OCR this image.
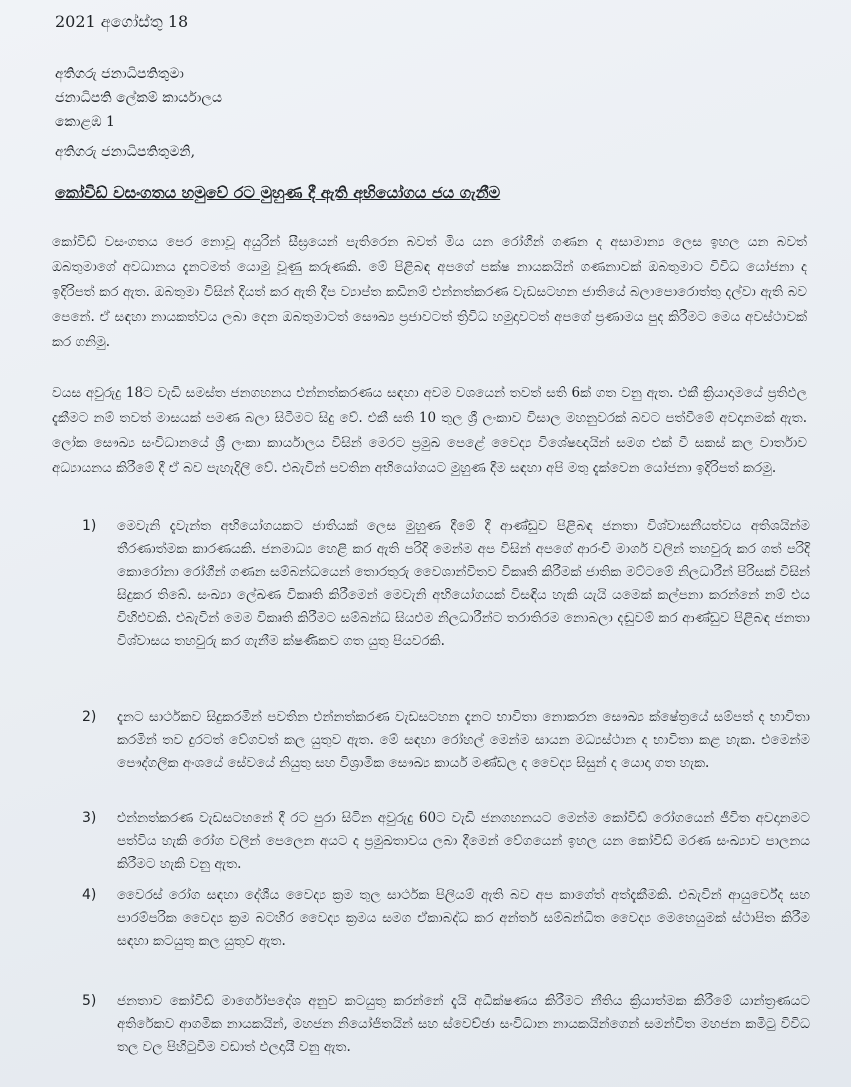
2021 අගෝස්තු 18
අතිගරු ජනාධිපතිතුමා
ජනාධිපති ලේකම් කාර්යාලය
කොළඹ 1
අතිගරු ජනාධිපතිතුමනි,
කෝවිඩ් වසංගතය හමුවේ රට මුහුණ දී ඇති අභියෝගය ජය ගැනීම
කෝවිඩ් වසංගතය පෙර නොවූ අයුරින් සීඝ්‍රයෙන් පැතිරෙන බවත් මිය යන රෝගීන් ගණන ද අසාමාන්‍ය ලෙස ඉහල යන බවත් ඔබතුමාගේ අවධානය දැනටමත් යොමු වූණු කරුණකි. මේ පිළිබඳ අපගේ පක්ෂ නායකයින් ගණනාවක් ඔබතුමාට විවිධ යෝජනා ද ඉදිරිපත් කර ඇත. ඔබතුමා විසින් දියත් කර ඇති දීප ව්‍යාප්ත කඩිනම් එන්නත්කරණ වැඩසටහන ජාතියේ බලාපොරොත්තු දල්වා ඇති බව පෙනේ. ඒ සඳහා නායකත්වය ලබා දෙන ඔබතුමාටත් සෞඛ්‍ය ප්‍රජාවටත් ත්‍රිවිධ හමුදාවටත් අපගේ ප්‍රණාමය පුද කිරීමට මෙය අවස්ථාවක් කර ගනිමු.
වයස අවුරුදු 18ට වැඩි සමස්ත ජනගහනය එන්නත්කරණය සඳහා අවම වශයෙන් තවත් සති 6ක් ගත වනු ඇත. එකී ක්‍රියාදාමයේ ප්‍රතිඵල දැකීමට නම් තවත් මාසයක් පමණ බලා සිටීමට සිදු වේ. එකී සති 10 තුල ශ්‍රී ලංකාව විසාල මහනුවරක් බවට පත්වීමේ අවදානමක් ඇත. ලෝක සෞඛ්‍ය සංවිධානයේ ශ්‍රී ලංකා කාර්යාලය විසින් මෙරට ප්‍රමුඛ පෙළේ වෛද්‍ය විශේෂඥයින් සමග එක් වී සකස් කල වාර්තාව අධ්‍යායනය කිරීමේ දී ඒ බව පැහැදිලි වේ. එබැවින් පවතින අභියෝගයට මුහුණ දීම සඳහා අපි මතු දැක්වෙන යෝජනා ඉදිරිපත් කරමු.
1)	මෙවැනි දැවැන්ත අභියෝගයකට ජාතියක් ලෙස මුහුණ දීමේ දී ආණ්ඩුව පිළිබඳ ජනතා විශ්වාසනීයත්වය අතිශයින්ම තීරණාත්මක කාරණයකි. ජනමාධ්‍ය හෙළි කර ඇති පරිදි මෙන්ම අප විසින් අපගේ ආරංචි මාර්ග වලින් තහවුරු කර ගත් පරිදි කොරෝනා රෝගීන් ගණන සම්බන්ධයෙන් තොරතුරු වෛශාන්විතව විකෘති කිරීමක් ජාතික මට්ටමේ නිලධාරීන් පිරිසක් විසින් සිදුකර තිබේ. සංඛ්‍යා ලේඛණ විකෘති කිරීමෙන් මෙවැනි අභියෝගයක් විසඳිය හැකි යැයි යමෙක් කල්පනා කරන්නේ නම් එය විහිළුවකි. එබැවින් මෙම විකෘති කිරීමට සම්බන්ධ සියළුම නිලධාරීන්ට තරාතිරම නොබලා දඬුවම් කර ආණ්ඩුව පිළිබඳ ජනතා විශ්වාසය තහවුරු කර ගැනීම ක්ෂණිකව ගත යුතු පියවරකි.
2)	දැනට සාර්ථකව සිදුකරමින් පවතින එන්නත්කරණ වැඩසටහන දැනට භාවිතා නොකරන සෞඛ්‍ය ක්ෂේත්‍රයේ සම්පත් ද භාවිතා කරමින් තව දුරටත් වේගවත් කල යුතුව ඇත. මේ සඳහා රෝහල් මෙන්ම සායන මධ්‍යස්ථාන ද භාවිතා කළ හැක. එමෙන්ම පෞද්ගලික අංශයේ සේවයේ නියුතු සහ විශ්‍රාමික සෞඛ්‍ය කාර්ය මණ්ඩල ද වෛද්‍ය සිසුන් ද යොදා ගත හැක.
3)	එන්නත්කරණ වැඩසටහනේ දී රට පුරා සිටින අවුරුදු 60ට වැඩි ජනගහනයට මෙන්ම කෝවිඩ් රෝගයෙන් ජීවිත අවදානමට පත්විය හැකි රෝග වලින් පෙලෙන අයට ද ප්‍රමුඛතාවය ලබා දීමෙන් වේගයෙන් ඉහල යන කෝවිඩ් මරණ සංඛ්‍යාව පාලනය කිරීමට හැකි වනු ඇත.
4)	වෛරස් රෝග සඳහා දේශීය වෛද්‍ය ක්‍රම තුල සාර්ථක පිලියම් ඇති බව අප කාගේත් අත්දැකීමකි. එබැවින් ආයුර්වේද සහ පාරම්පරික වෛද්‍ය ක්‍රම බටහිර වෛද්‍ය ක්‍රමය සමග ඒකාබද්ධ කර අන්තර් සම්බන්ධිත වෛද්‍ය මෙහෙයුමක් ස්ථාපිත කිරීම සඳහා කටයුතු කල යුතුව ඇත.
5)	ජනතාව කෝවිඩ් මාර්ගෝපදේශ අනුව කටයුතු කරන්නේ දැයි අධීක්ෂණය කිරීමට නීතිය ක්‍රියාත්මක කිරීමේ යාන්ත්‍රණයට අතිරේකව ආගමික නායකයින්, මහජන නියෝජිතයින් සහ ස්වෙච්ඡා සංවිධාන නායකයින්ගෙන් සමන්විත මහජන කමිටු විවිධ තල වල පිහිටුවීම වඩාත් ඵලදායී වනු ඇත.
